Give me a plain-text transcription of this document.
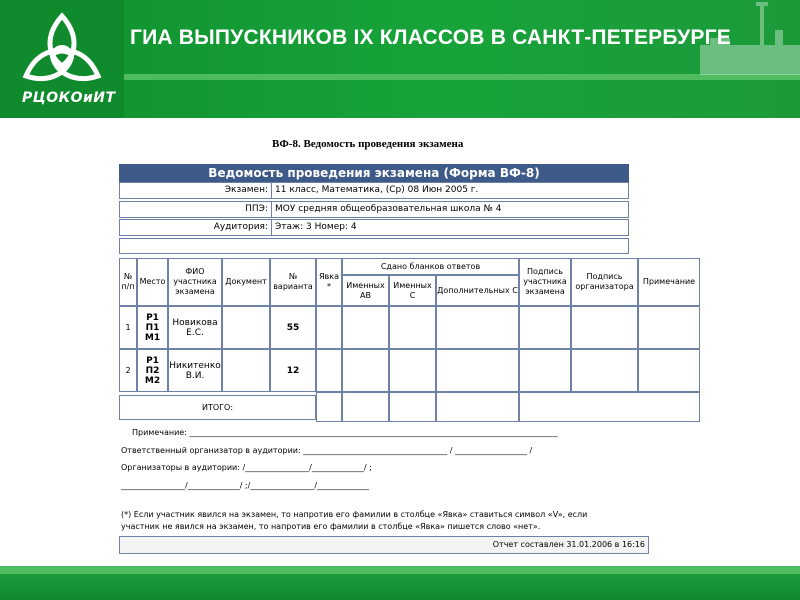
РЦОКОиИТ
ГИА ВЫПУСКНИКОВ IX КЛАССОВ В САНКТ-ПЕТЕРБУРГЕ
ВФ-8. Ведомость проведения экзамена
Ведомость проведения экзамена (Форма ВФ-8)
Экзамен: 11 класс, Математика, (Ср) 08 Июн 2005 г.
ППЭ: МОУ средняя общеобразовательная школа № 4
Аудитория: Этаж: 3 Номер: 4
№ п/п
Место
ФИО участника экзамена
Документ
№ варианта
Явка *
Сдано бланков ответов
Именных АВ
Именных С
Дополнительных С
Подпись участника экзамена
Подпись организатора
Примечание
1
Р1 П1 М1
Новикова Е.С.	55
2
Р1 П2 М2
Никитенко В.И.	12
ИТОГО:
Примечание: ____________________________________________________________________________________________
Ответственный организатор в аудитории: ____________________________________ / __________________ /
Организаторы в аудитории: /________________/_____________/ ;
________________/_____________/ ;/________________/_____________
(*) Если участник явился на экзамен, то напротив его фамилии в столбце «Явка» ставиться символ «V», если
участник не явился на экзамен, то напротив его фамилии в столбце «Явка» пишется слово «нет».
Отчет составлен 31.01.2006 в 16:16
